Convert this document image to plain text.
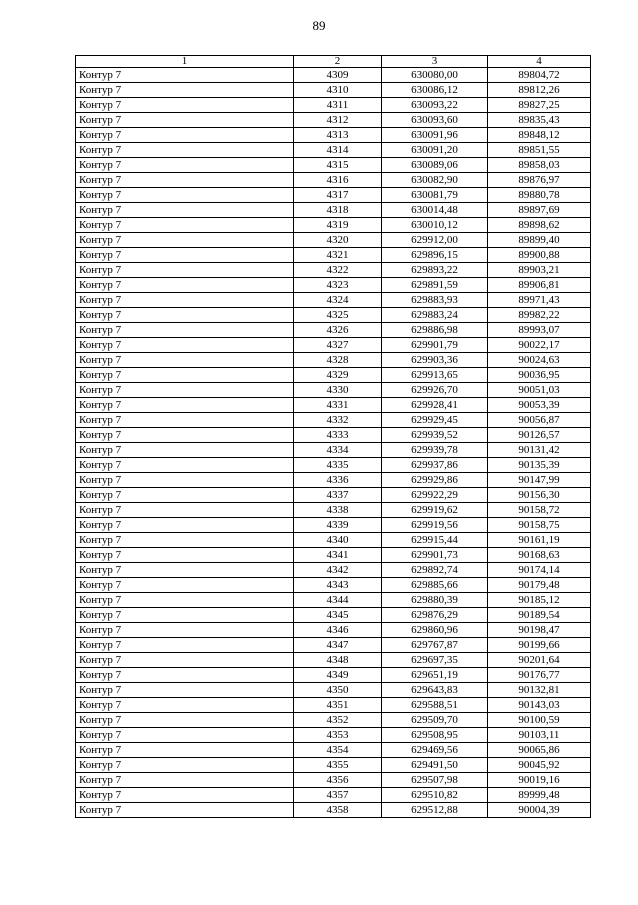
89
1	2	3	4
Контур 7	4309	630080,00	89804,72
Контур 7	4310	630086,12	89812,26
Контур 7	4311	630093,22	89827,25
Контур 7	4312	630093,60	89835,43
Контур 7	4313	630091,96	89848,12
Контур 7	4314	630091,20	89851,55
Контур 7	4315	630089,06	89858,03
Контур 7	4316	630082,90	89876,97
Контур 7	4317	630081,79	89880,78
Контур 7	4318	630014,48	89897,69
Контур 7	4319	630010,12	89898,62
Контур 7	4320	629912,00	89899,40
Контур 7	4321	629896,15	89900,88
Контур 7	4322	629893,22	89903,21
Контур 7	4323	629891,59	89906,81
Контур 7	4324	629883,93	89971,43
Контур 7	4325	629883,24	89982,22
Контур 7	4326	629886,98	89993,07
Контур 7	4327	629901,79	90022,17
Контур 7	4328	629903,36	90024,63
Контур 7	4329	629913,65	90036,95
Контур 7	4330	629926,70	90051,03
Контур 7	4331	629928,41	90053,39
Контур 7	4332	629929,45	90056,87
Контур 7	4333	629939,52	90126,57
Контур 7	4334	629939,78	90131,42
Контур 7	4335	629937,86	90135,39
Контур 7	4336	629929,86	90147,99
Контур 7	4337	629922,29	90156,30
Контур 7	4338	629919,62	90158,72
Контур 7	4339	629919,56	90158,75
Контур 7	4340	629915,44	90161,19
Контур 7	4341	629901,73	90168,63
Контур 7	4342	629892,74	90174,14
Контур 7	4343	629885,66	90179,48
Контур 7	4344	629880,39	90185,12
Контур 7	4345	629876,29	90189,54
Контур 7	4346	629860,96	90198,47
Контур 7	4347	629767,87	90199,66
Контур 7	4348	629697,35	90201,64
Контур 7	4349	629651,19	90176,77
Контур 7	4350	629643,83	90132,81
Контур 7	4351	629588,51	90143,03
Контур 7	4352	629509,70	90100,59
Контур 7	4353	629508,95	90103,11
Контур 7	4354	629469,56	90065,86
Контур 7	4355	629491,50	90045,92
Контур 7	4356	629507,98	90019,16
Контур 7	4357	629510,82	89999,48
Контур 7	4358	629512,88	90004,39
